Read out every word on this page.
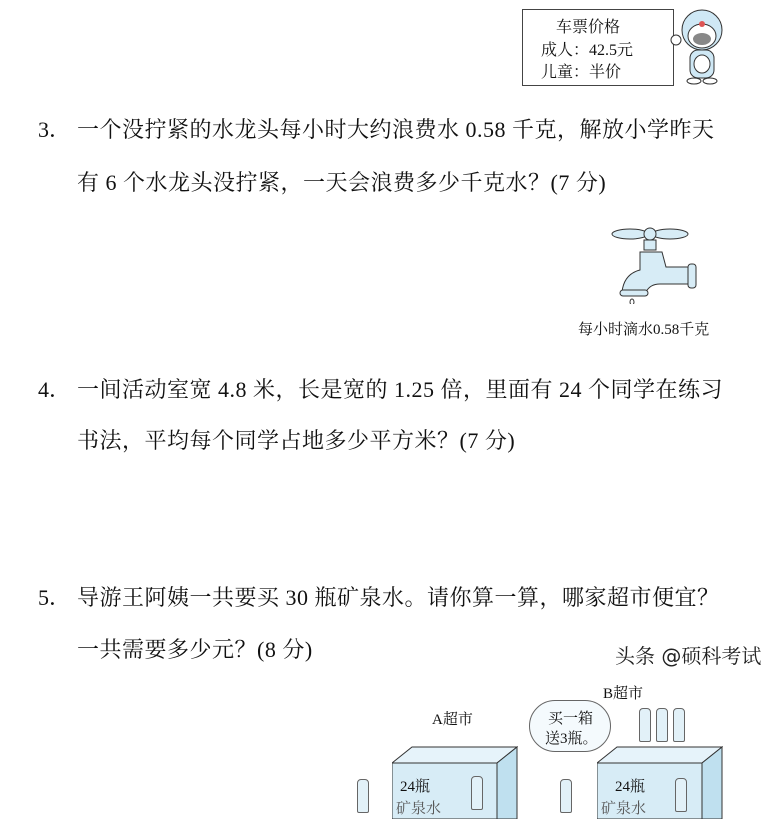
车票价格
成人：42.5元
儿童：半价
3． 一个没拧紧的水龙头每小时大约浪费水 0.58 千克，解放小学昨天
有 6 个水龙头没拧紧，一天会浪费多少千克水？(7 分)
每小时滴水0.58千克
4． 一间活动室宽 4.8 米，长是宽的 1.25 倍，里面有 24 个同学在练习
书法，平均每个同学占地多少平方米？(7 分)
5． 导游王阿姨一共要买 30 瓶矿泉水。请你算一算，哪家超市便宜？
一共需要多少元？(8 分)
A超市
24瓶
矿泉水
买一箱
送3瓶。
B超市
24瓶
矿泉水
头条 @硕科考试
